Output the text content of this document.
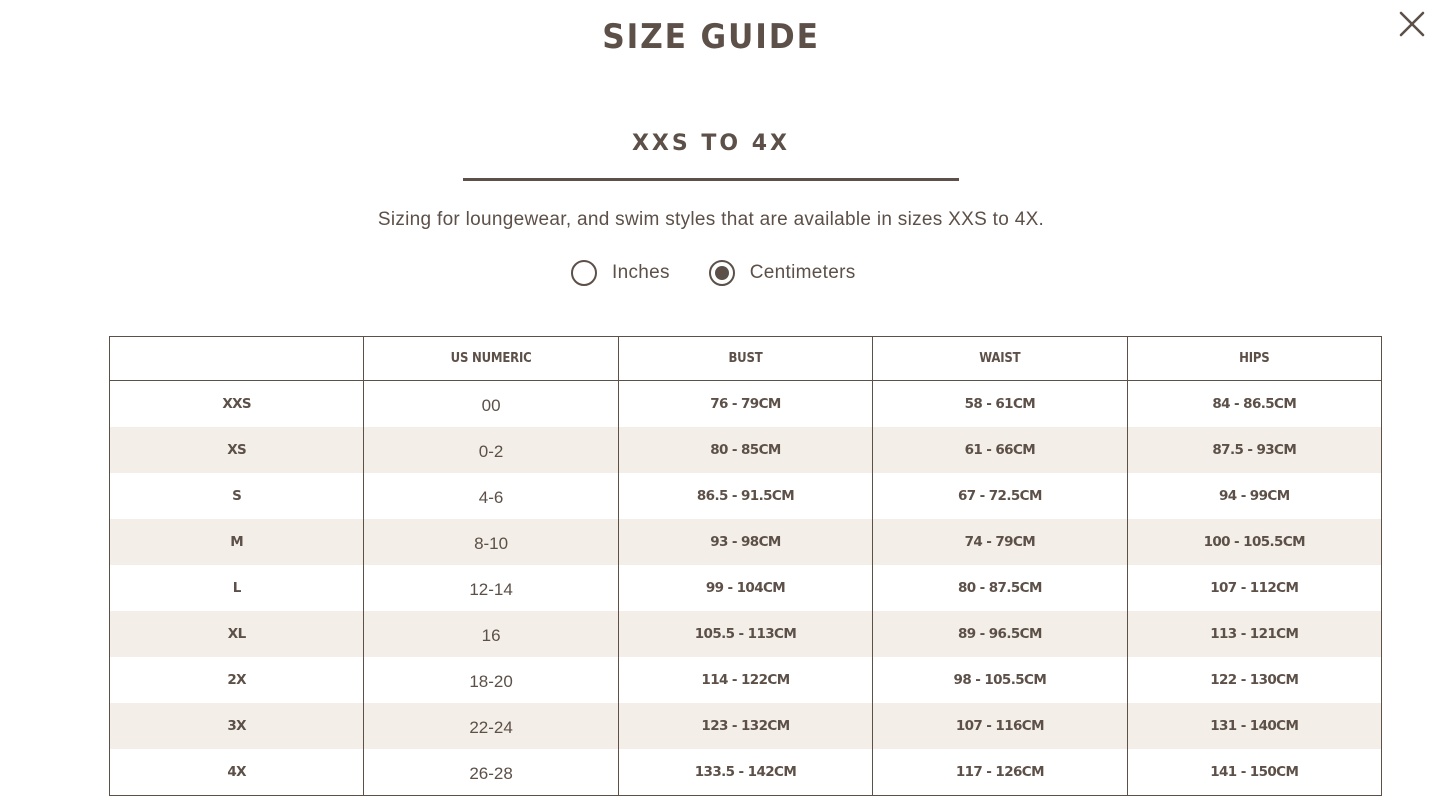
SIZE GUIDE
XXS TO 4X
Sizing for loungewear, and swim styles that are available in sizes XXS to 4X.
Inches	Centimeters
	US NUMERIC	BUST	WAIST	HIPS
XXS	00	76 - 79CM	58 - 61CM	84 - 86.5CM
XS	0-2	80 - 85CM	61 - 66CM	87.5 - 93CM
S	4-6	86.5 - 91.5CM	67 - 72.5CM	94 - 99CM
M	8-10	93 - 98CM	74 - 79CM	100 - 105.5CM
L	12-14	99 - 104CM	80 - 87.5CM	107 - 112CM
XL	16	105.5 - 113CM	89 - 96.5CM	113 - 121CM
2X	18-20	114 - 122CM	98 - 105.5CM	122 - 130CM
3X	22-24	123 - 132CM	107 - 116CM	131 - 140CM
4X	26-28	133.5 - 142CM	117 - 126CM	141 - 150CM
